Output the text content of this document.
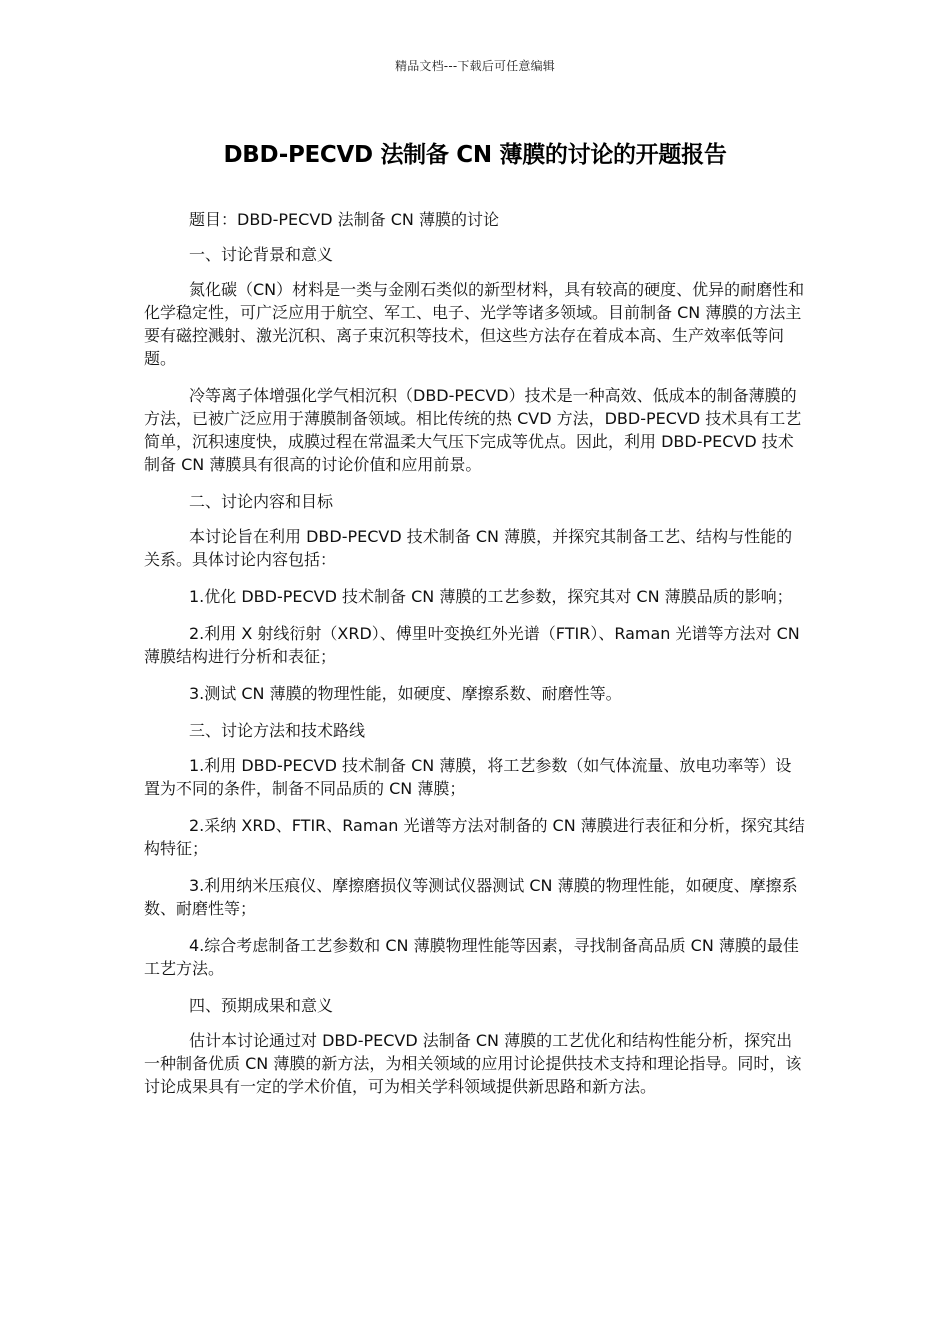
精品文档---下载后可任意编辑
DBD-PECVD 法制备 CN 薄膜的讨论的开题报告

题目：DBD-PECVD 法制备 CN 薄膜的讨论

一、讨论背景和意义

氮化碳（CN）材料是一类与金刚石类似的新型材料，具有较高的硬度、优异的耐磨性和化学稳定性，可广泛应用于航空、军工、电子、光学等诸多领域。目前制备 CN 薄膜的方法主要有磁控溅射、激光沉积、离子束沉积等技术，但这些方法存在着成本高、生产效率低等问题。

冷等离子体增强化学气相沉积（DBD-PECVD）技术是一种高效、低成本的制备薄膜的方法，已被广泛应用于薄膜制备领域。相比传统的热 CVD 方法，DBD-PECVD 技术具有工艺简单，沉积速度快，成膜过程在常温柔大气压下完成等优点。因此，利用 DBD-PECVD 技术制备 CN 薄膜具有很高的讨论价值和应用前景。

二、讨论内容和目标

本讨论旨在利用 DBD-PECVD 技术制备 CN 薄膜，并探究其制备工艺、结构与性能的关系。具体讨论内容包括：

1.优化 DBD-PECVD 技术制备 CN 薄膜的工艺参数，探究其对 CN 薄膜品质的影响；

2.利用 X 射线衍射（XRD）、傅里叶变换红外光谱（FTIR）、Raman 光谱等方法对 CN 薄膜结构进行分析和表征；

3.测试 CN 薄膜的物理性能，如硬度、摩擦系数、耐磨性等。

三、讨论方法和技术路线

1.利用 DBD-PECVD 技术制备 CN 薄膜，将工艺参数（如气体流量、放电功率等）设置为不同的条件，制备不同品质的 CN 薄膜；

2.采纳 XRD、FTIR、Raman 光谱等方法对制备的 CN 薄膜进行表征和分析，探究其结构特征；

3.利用纳米压痕仪、摩擦磨损仪等测试仪器测试 CN 薄膜的物理性能，如硬度、摩擦系数、耐磨性等；

4.综合考虑制备工艺参数和 CN 薄膜物理性能等因素，寻找制备高品质 CN 薄膜的最佳工艺方法。

四、预期成果和意义

估计本讨论通过对 DBD-PECVD 法制备 CN 薄膜的工艺优化和结构性能分析，探究出一种制备优质 CN 薄膜的新方法，为相关领域的应用讨论提供技术支持和理论指导。同时，该讨论成果具有一定的学术价值，可为相关学科领域提供新思路和新方法。
